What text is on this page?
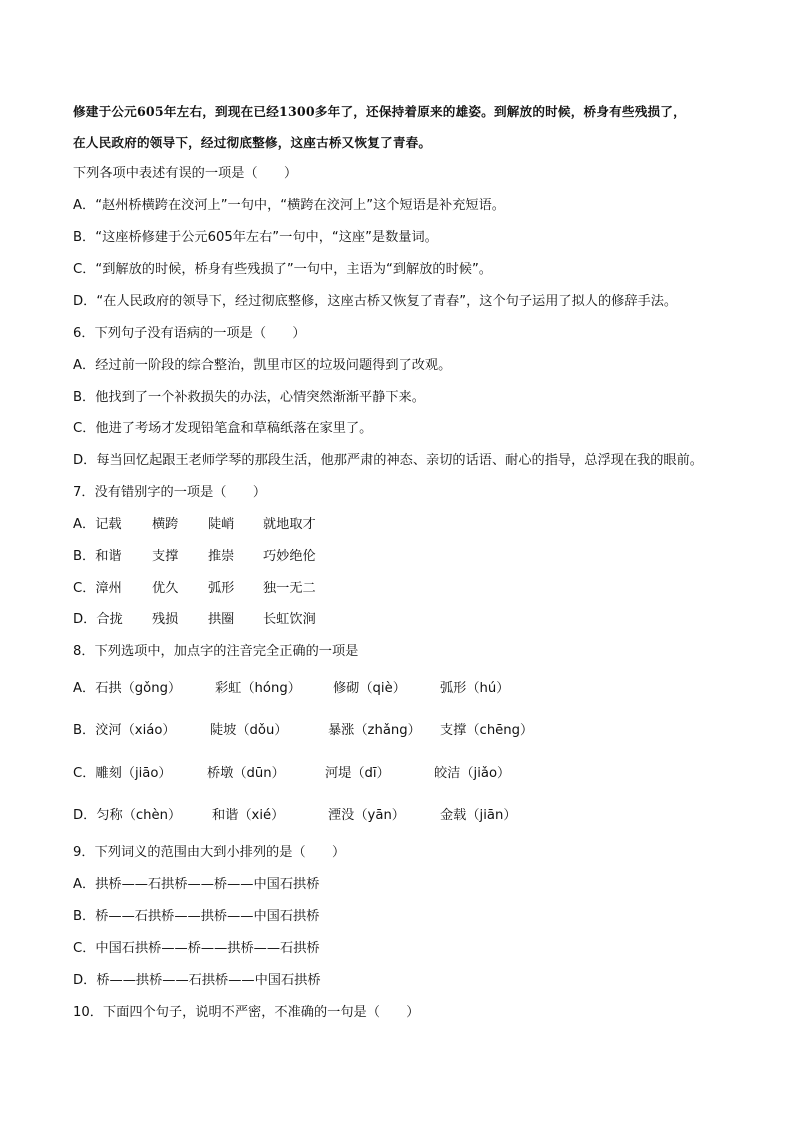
修建于公元605年左右，到现在已经1300多年了，还保持着原来的雄姿。到解放的时候，桥身有些残损了，
在人民政府的领导下，经过彻底整修，这座古桥又恢复了青春。
下列各项中表述有误的一项是（　　）
A．“赵州桥横跨在洨河上”一句中，“横跨在洨河上”这个短语是补充短语。
B．“这座桥修建于公元605年左右”一句中，“这座”是数量词。
C．“到解放的时候，桥身有些残损了”一句中，主语为“到解放的时候”。
D．“在人民政府的领导下，经过彻底整修，这座古桥又恢复了青春”，这个句子运用了拟人的修辞手法。
6．下列句子没有语病的一项是（　　）
A．经过前一阶段的综合整治，凯里市区的垃圾问题得到了改观。
B．他找到了一个补救损失的办法，心情突然渐渐平静下来。
C．他进了考场才发现铅笔盒和草稿纸落在家里了。
D．每当回忆起跟王老师学琴的那段生活，他那严肃的神态、亲切的话语、耐心的指导，总浮现在我的眼前。
7．没有错别字的一项是（　　）
A．记载 横跨 陡峭 就地取才
B．和谐 支撑 推崇 巧妙绝伦
C．漳州 优久 弧形 独一无二
D．合拢 残损 拱圈 长虹饮涧
8．下列选项中，加点字的注音完全正确的一项是
A．石拱（gǒng）	彩虹（hóng） 修砌（qiè）	弧形（hú）
B．洨河（xiáo）	陡坡（dǒu）	暴涨（zhǎng） 支撑（chēng）
C．雕刻（jiāo）	桥墩（dūn）	河堤（dī）	皎洁（jiǎo）
D．匀称（chèn） 和谐（xié）	湮没（yān）	金载（jiān）
9．下列词义的范围由大到小排列的是（　　）
A．拱桥——石拱桥——桥——中国石拱桥
B．桥——石拱桥——拱桥——中国石拱桥
C．中国石拱桥——桥——拱桥——石拱桥
D．桥——拱桥——石拱桥——中国石拱桥
10．下面四个句子，说明不严密，不准确的一句是（　　）
